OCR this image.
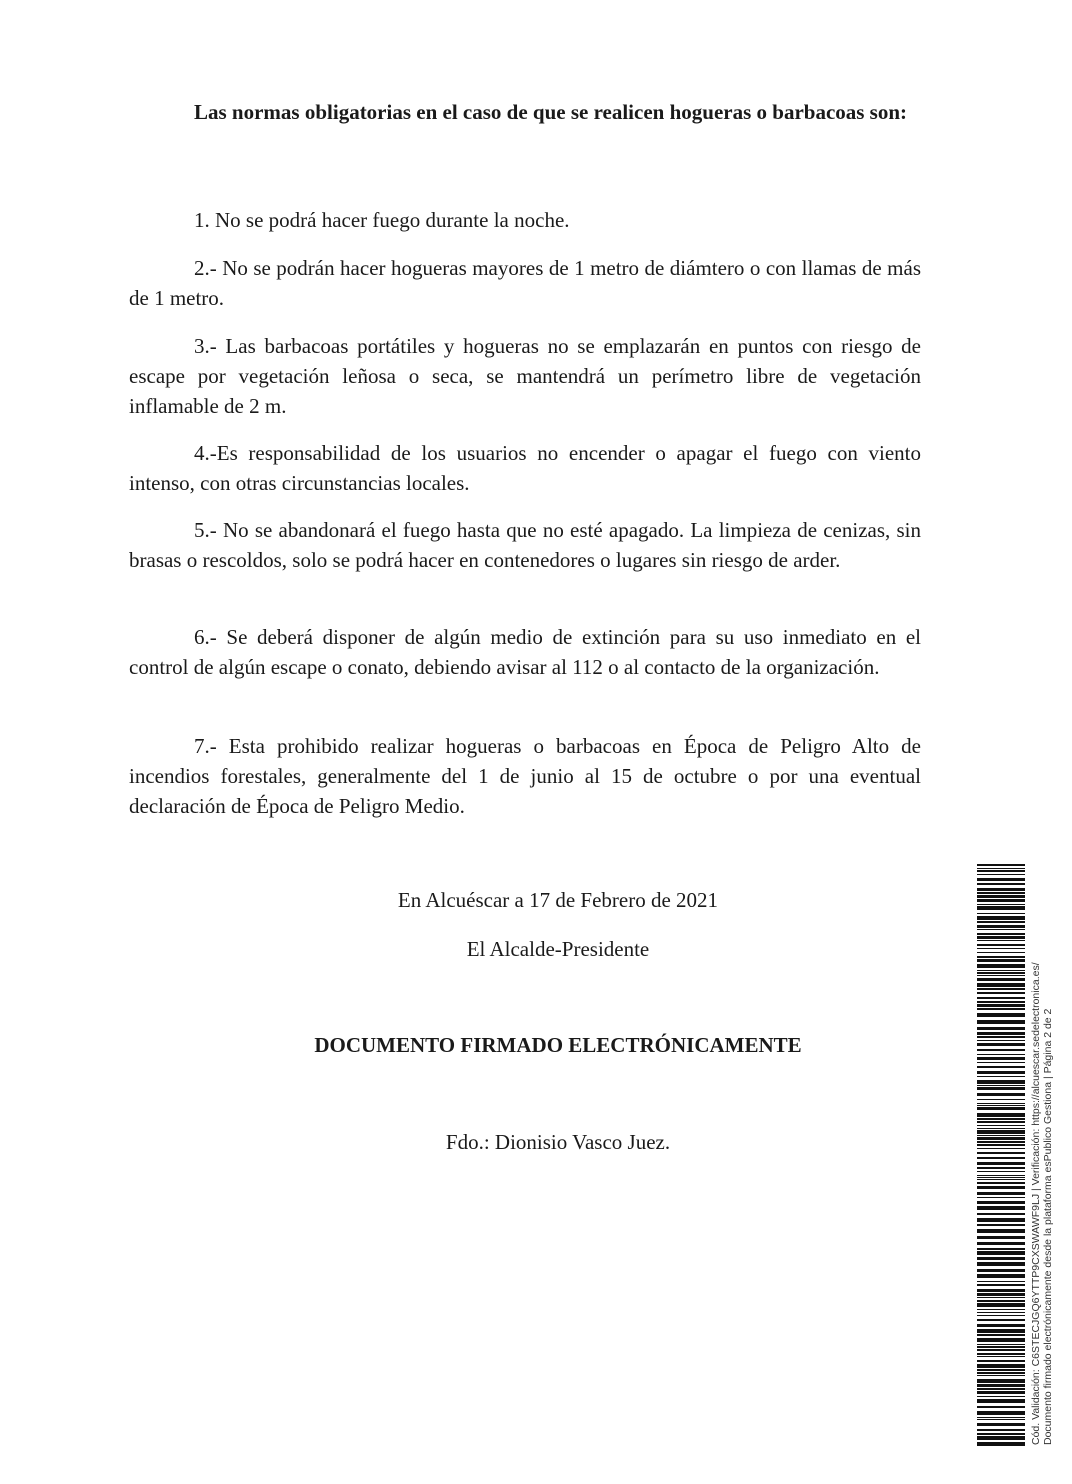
Las normas obligatorias en el caso de que se realicen hogueras o barbacoas son:

1. No se podrá hacer fuego durante la noche.

2.- No se podrán hacer hogueras mayores de 1 metro de diámtero o con llamas de más de 1 metro.

3.- Las barbacoas portátiles y hogueras no se emplazarán en puntos con riesgo de escape por vegetación leñosa o seca, se mantendrá un perímetro libre de vegetación inflamable de 2 m.

4.-Es responsabilidad de los usuarios no encender o apagar el fuego con viento intenso, con otras circunstancias locales.

5.- No se abandonará el fuego hasta que no esté apagado. La limpieza de cenizas, sin brasas o rescoldos, solo se podrá hacer en contenedores o lugares sin riesgo de arder.

6.- Se deberá disponer de algún medio de extinción para su uso inmediato en el control de algún escape o conato, debiendo avisar al 112 o al contacto de la organización.

7.- Esta prohibido realizar hogueras o barbacoas en Época de Peligro Alto de incendios forestales, generalmente del 1 de junio al 15 de octubre o por una eventual declaración de Época de Peligro Medio.

En Alcuéscar a 17 de Febrero de 2021

El Alcalde-Presidente

DOCUMENTO FIRMADO ELECTRÓNICAMENTE

Fdo.: Dionisio Vasco Juez.	Cód. Validación: C6STECJGQ6YTTP9CXSWAWF9LJ | Verificación: https://alcuescar.sedelectronica.es/ Documento firmado electrónicamente desde la plataforma esPublico Gestiona | Página 2 de 2
